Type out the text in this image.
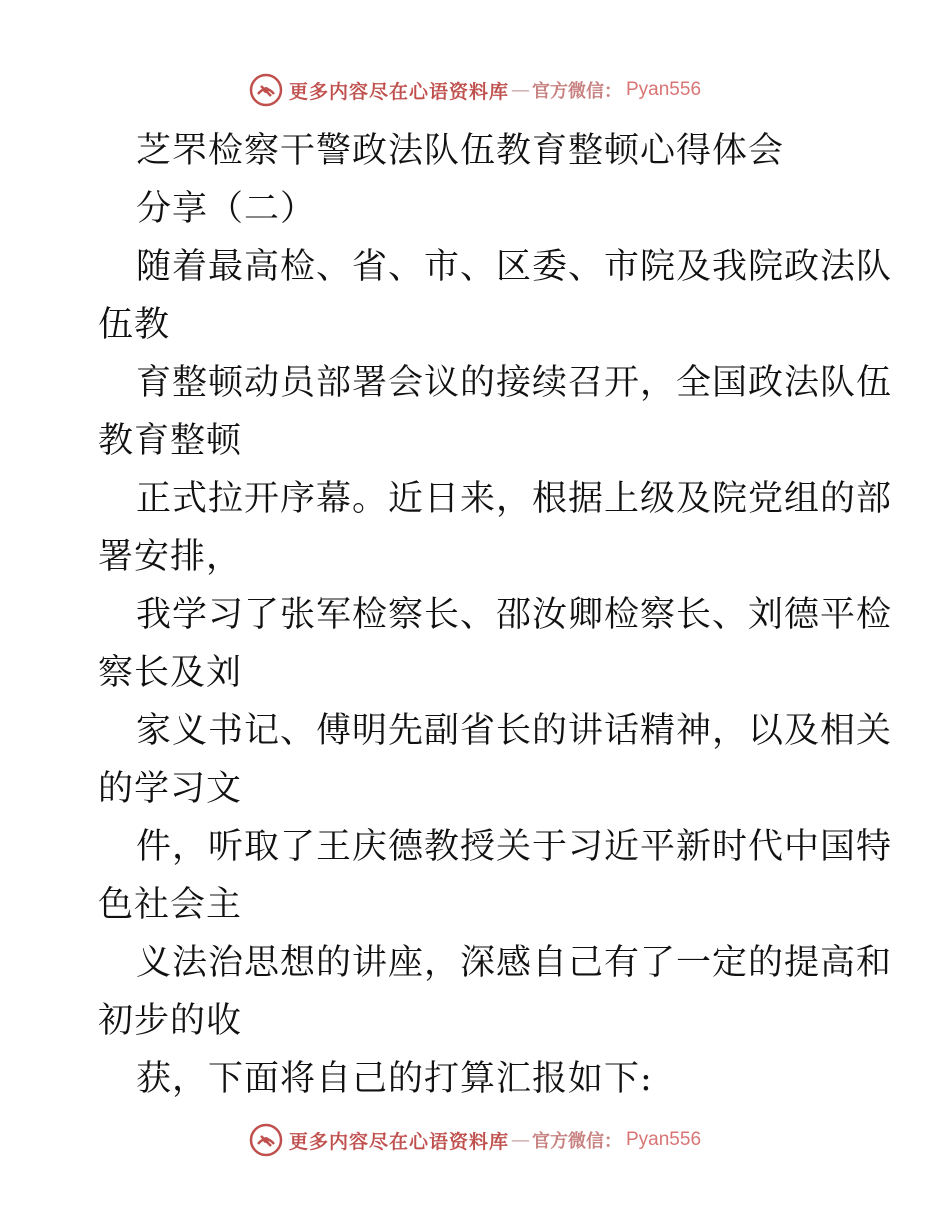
更多内容尽在心语资料库 — 官方微信： Pyan556
芝罘检察干警政法队伍教育整顿心得体会
分享（二）
随着最高检、省、市、区委、市院及我院政法队
伍教
育整顿动员部署会议的接续召开，全国政法队伍
教育整顿
正式拉开序幕。近日来，根据上级及院党组的部
署安排，
我学习了张军检察长、邵汝卿检察长、刘德平检
察长及刘
家义书记、傅明先副省长的讲话精神，以及相关
的学习文
件，听取了王庆德教授关于习近平新时代中国特
色社会主
义法治思想的讲座，深感自己有了一定的提高和
初步的收
获，下面将自己的打算汇报如下:
更多内容尽在心语资料库 — 官方微信： Pyan556
